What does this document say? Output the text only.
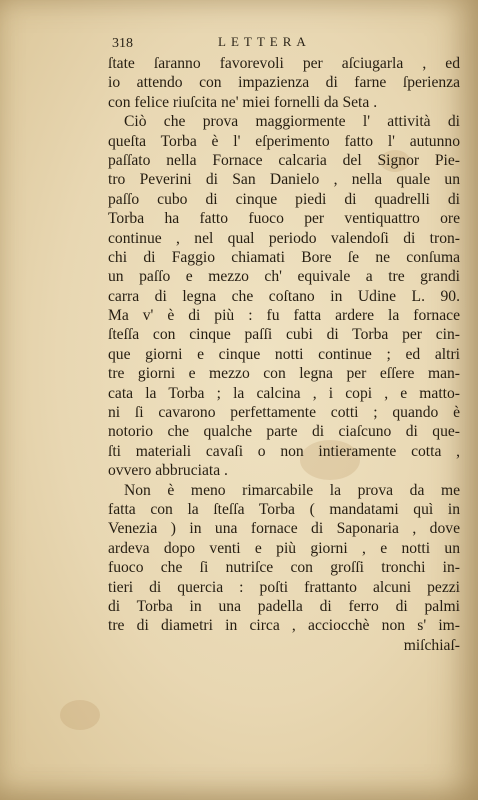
318	LETTERA
ſtate ſaranno favorevoli per aſciugarla , ed
io attendo con impazienza di farne ſperienza
con felice riuſcita ne' miei fornelli da Seta .
Ciò che prova maggiormente l' attività di
queſta Torba è l' eſperimento fatto l' autunno
paſſato nella Fornace calcaria del Signor Pie-
tro Peverini di San Danielo , nella quale un
paſſo cubo di cinque piedi di quadrelli di
Torba ha fatto fuoco per ventiquattro ore
continue , nel qual periodo valendoſi di tron-
chi di Faggio chiamati Bore ſe ne conſuma
un paſſo e mezzo ch' equivale a tre grandi
carra di legna che coſtano in Udine L. 90.
Ma v' è di più : fu fatta ardere la fornace
ſteſſa con cinque paſſi cubi di Torba per cin-
que giorni e cinque notti continue ; ed altri
tre giorni e mezzo con legna per eſſere man-
cata la Torba ; la calcina , i copi , e matto-
ni ſi cavarono perfettamente cotti ; quando è
notorio che qualche parte di ciaſcuno di que-
ſti materiali cavaſi o non intieramente cotta ,
ovvero abbruciata .
Non è meno rimarcabile la prova da me
fatta con la ſteſſa Torba ( mandatami quì in
Venezia ) in una fornace di Saponaria , dove
ardeva dopo venti e più giorni , e notti un
fuoco che ſi nutriſce con groſſi tronchi in-
tieri di quercia : poſti frattanto alcuni pezzi
di Torba in una padella di ferro di palmi
tre di diametri in circa , acciocchè non s' im-
miſchiaſ-
